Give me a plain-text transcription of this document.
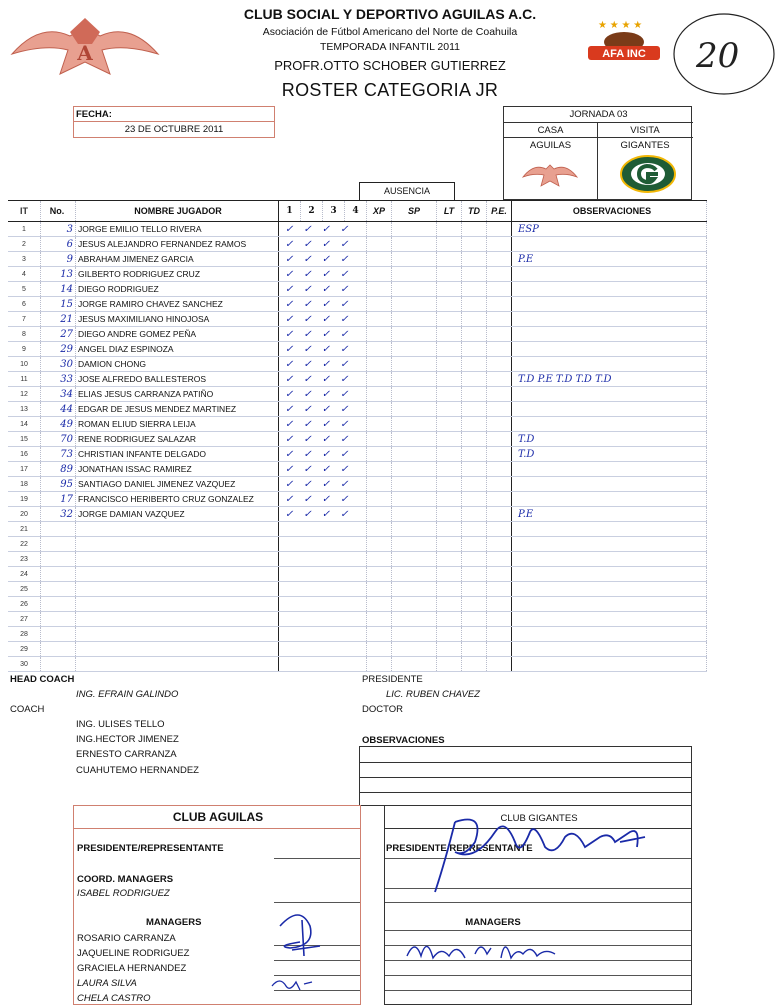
A
CLUB SOCIAL Y DEPORTIVO AGUILAS A.C.
Asociación de Fútbol Americano del Norte de Coahuila
TEMPORADA INFANTIL 2011
PROFR.OTTO SCHOBER GUTIERREZ
ROSTER CATEGORIA JR
★ ★ ★ ★
AFA INC 20
FECHA:
23 DE OCTUBRE 2011
JORNADA 03
CASA	VISITA
AGUILAS	GIGANTES
AUSENCIA
IT	No.	NOMBRE JUGADOR	1	2	3	4	XP	SP	LT	TD	P.E.	OBSERVACIONES
1	3	JORGE EMILIO TELLO RIVERA	✓✓✓✓									ESP
2	6	JESUS ALEJANDRO FERNANDEZ RAMOS	✓✓✓✓									
3	9	ABRAHAM JIMENEZ GARCIA	✓✓✓✓									P.E
4	13	GILBERTO RODRIGUEZ CRUZ	✓✓✓✓									
5	14	DIEGO RODRIGUEZ	✓✓✓✓									
6	15	JORGE RAMIRO CHAVEZ SANCHEZ	✓✓✓✓									
7	21	JESUS MAXIMILIANO HINOJOSA	✓✓✓✓									
8	27	DIEGO ANDRE GOMEZ PEÑA	✓✓✓✓									
9	29	ANGEL DIAZ ESPINOZA	✓✓✓✓									
10	30	DAMION CHONG	✓✓✓✓									
11	33	JOSE ALFREDO BALLESTEROS	✓✓✓✓									T.D P.E T.D T.D T.D
12	34	ELIAS JESUS CARRANZA PATIÑO	✓✓✓✓									
13	44	EDGAR DE JESUS MENDEZ MARTINEZ	✓✓✓✓									
14	49	ROMAN ELIUD SIERRA LEIJA	✓✓✓✓									
15	70	RENE RODRIGUEZ SALAZAR	✓✓✓✓									T.D
16	73	CHRISTIAN INFANTE DELGADO	✓✓✓✓									T.D
17	89	JONATHAN ISSAC RAMIREZ	✓✓✓✓									
18	95	SANTIAGO DANIEL JIMENEZ VAZQUEZ	✓✓✓✓									
19	17	FRANCISCO HERIBERTO CRUZ GONZALEZ	✓✓✓✓									
20	32	JORGE DAMIAN VAZQUEZ	✓✓✓✓									P.E
21												
22												
23												
24												
25												
26												
27												
28												
29												
30												
HEAD COACH
ING. EFRAIN GALINDO
COACH
ING. ULISES TELLO
ING.HECTOR JIMENEZ
ERNESTO CARRANZA
CUAHUTEMO HERNANDEZ
PRESIDENTE
LIC. RUBEN CHAVEZ
DOCTOR
OBSERVACIONES
CLUB AGUILAS
PRESIDENTE/REPRESENTANTE
COORD. MANAGERS
ISABEL RODRIGUEZ
MANAGERS
ROSARIO CARRANZA
JAQUELINE RODRIGUEZ
GRACIELA HERNANDEZ
LAURA SILVA
CHELA CASTRO
CLUB GIGANTES
PRESIDENTE/REPRESENTANTE
MANAGERS
